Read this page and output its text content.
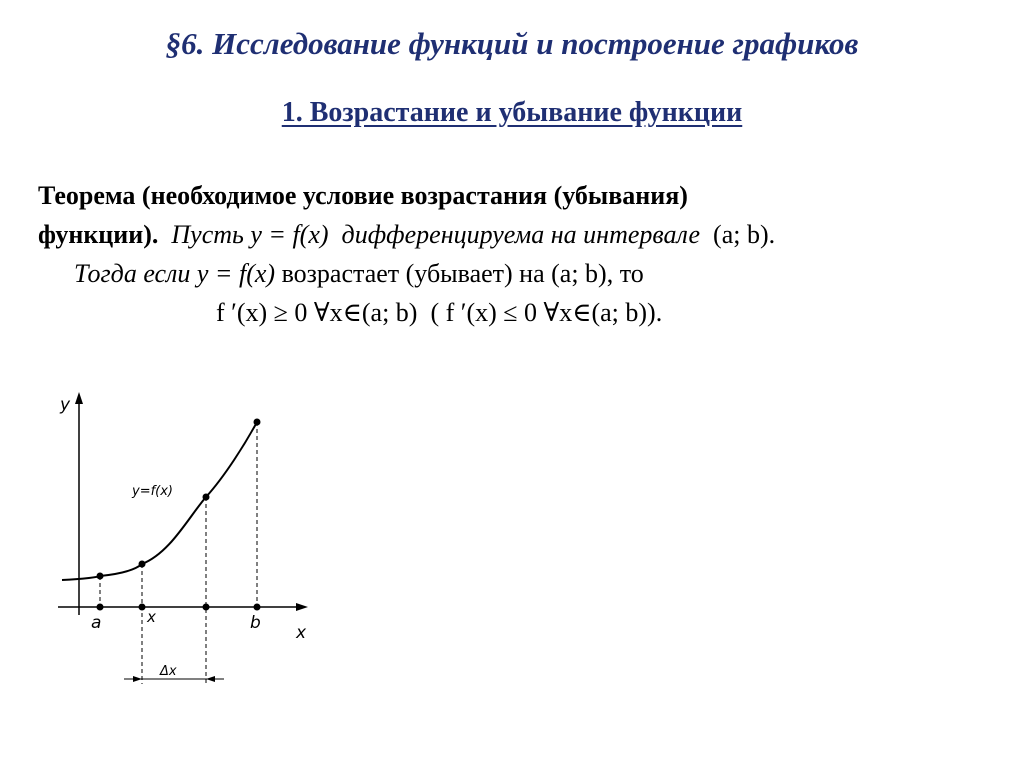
§6. Исследование функций и построение графиков
1. Возрастание и убывание функции
Теорема (необходимое условие возрастания (убывания)
функции). Пусть y = f(x) дифференцируема на интервале (a; b).
Тогда если y = f(x) возрастает (убывает) на (a; b), то
f ′(x) ≥ 0 ∀x∈(a; b) ( f ′(x) ≤ 0 ∀x∈(a; b)).
y
x
y=f(x)
a	x	b
Δx
